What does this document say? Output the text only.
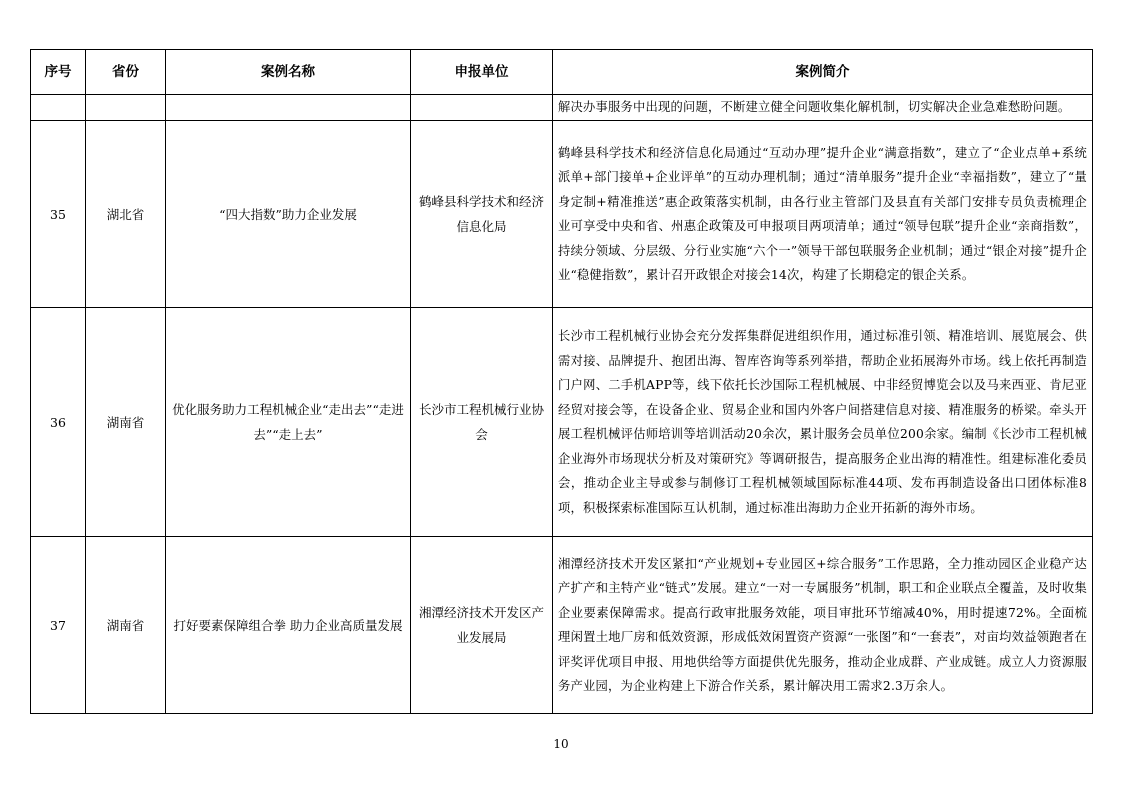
序号	省份	案例名称	申报单位	案例简介
				解决办事服务中出现的问题，不断建立健全问题收集化解机制，切实解决企业急难愁盼问题。
35	湖北省	“四大指数”助力企业发展	鹤峰县科学技术和经济信息化局	鹤峰县科学技术和经济信息化局通过“互动办理”提升企业“满意指数”，建立了“企业点单+系统派单+部门接单+企业评单”的互动办理机制；通过“清单服务”提升企业“幸福指数”，建立了“量身定制+精准推送”惠企政策落实机制，由各行业主管部门及县直有关部门安排专员负责梳理企业可享受中央和省、州惠企政策及可申报项目两项清单；通过“领导包联”提升企业“亲商指数”，持续分领域、分层级、分行业实施“六个一”领导干部包联服务企业机制；通过“银企对接”提升企业“稳健指数”，累计召开政银企对接会14次，构建了长期稳定的银企关系。
36	湖南省	优化服务助力工程机械企业“走出去”“走进去”“走上去”	长沙市工程机械行业协会	长沙市工程机械行业协会充分发挥集群促进组织作用，通过标准引领、精准培训、展览展会、供需对接、品牌提升、抱团出海、智库咨询等系列举措，帮助企业拓展海外市场。线上依托再制造门户网、二手机APP等，线下依托长沙国际工程机械展、中非经贸博览会以及马来西亚、肯尼亚经贸对接会等，在设备企业、贸易企业和国内外客户间搭建信息对接、精准服务的桥梁。牵头开展工程机械评估师培训等培训活动20余次，累计服务会员单位200余家。编制《长沙市工程机械企业海外市场现状分析及对策研究》等调研报告，提高服务企业出海的精准性。组建标准化委员会，推动企业主导或参与制修订工程机械领域国际标准44项、发布再制造设备出口团体标准8项，积极探索标准国际互认机制，通过标准出海助力企业开拓新的海外市场。
37	湖南省	打好要素保障组合拳 助力企业高质量发展	湘潭经济技术开发区产业发展局	湘潭经济技术开发区紧扣“产业规划+专业园区+综合服务”工作思路，全力推动园区企业稳产达产扩产和主特产业“链式”发展。建立“一对一专属服务”机制，职工和企业联点全覆盖，及时收集企业要素保障需求。提高行政审批服务效能，项目审批环节缩减40%，用时提速72%。全面梳理闲置土地厂房和低效资源，形成低效闲置资产资源“一张图”和“一套表”，对亩均效益领跑者在评奖评优项目申报、用地供给等方面提供优先服务，推动企业成群、产业成链。成立人力资源服务产业园，为企业构建上下游合作关系，累计解决用工需求2.3万余人。
10
